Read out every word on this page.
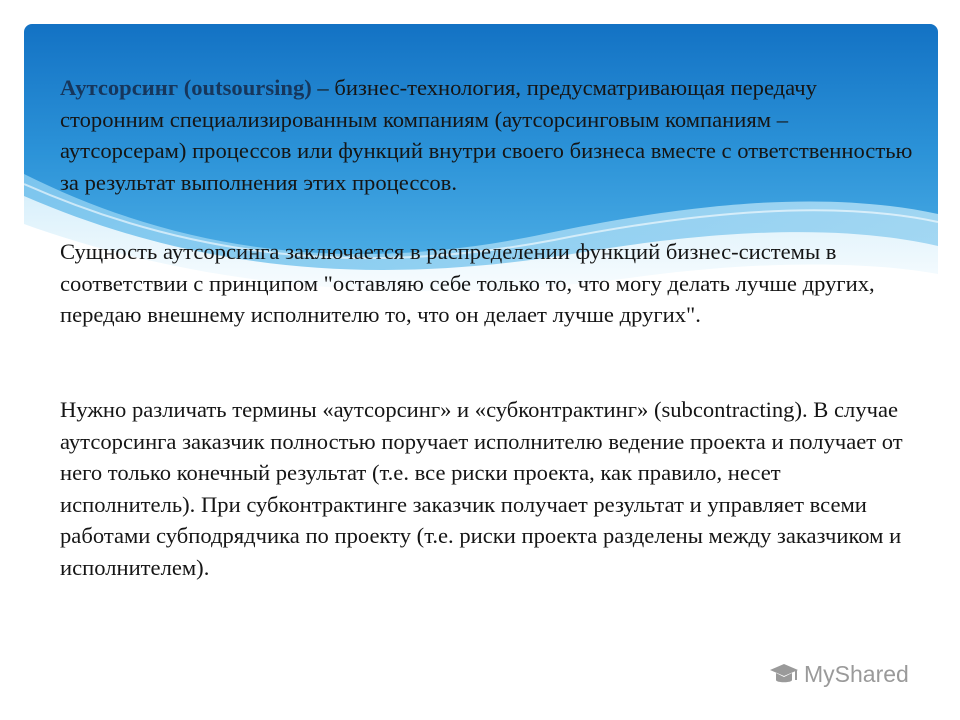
Аутсорсинг (outsoursing) – бизнес-технология, предусматривающая передачу сторонним специализированным компаниям (аутсорсинговым компаниям – аутсорсерам) процессов или функций внутри своего бизнеса вместе с ответственностью за результат выполнения этих процессов.

Сущность аутсорсинга заключается в распределении функций бизнес-системы в соответствии с принципом "оставляю себе только то, что могу делать лучше других, передаю внешнему исполнителю то, что он делает лучше других".

Нужно различать термины «аутсорсинг» и «субконтрактинг» (subcontracting). В случае аутсорсинга заказчик полностью поручает исполнителю ведение проекта и получает от него только конечный результат (т.е. все риски проекта, как правило, несет исполнитель). При субконтрактинге заказчик получает результат и управляет всеми работами субподрядчика по проекту (т.е. риски проекта разделены между заказчиком и исполнителем).

MyShared
